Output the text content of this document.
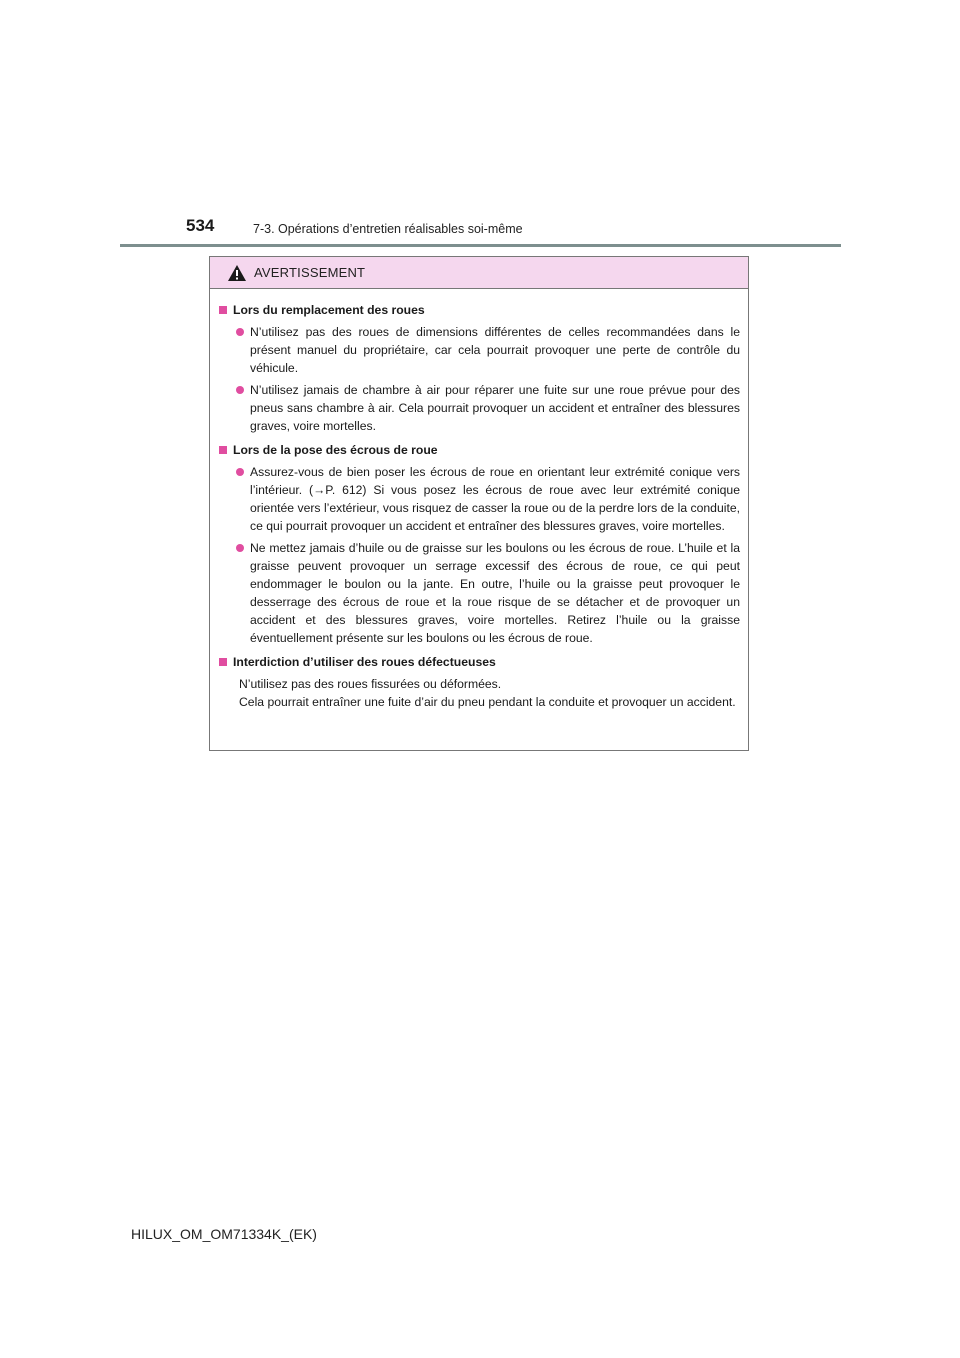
534	7-3. Opérations d’entretien réalisables soi-même
AVERTISSEMENT
Lors du remplacement des roues
N’utilisez pas des roues de dimensions différentes de celles recommandées dans le présent manuel du propriétaire, car cela pourrait provoquer une perte de contrôle du véhicule.
N’utilisez jamais de chambre à air pour réparer une fuite sur une roue prévue pour des pneus sans chambre à air. Cela pourrait provoquer un accident et entraîner des blessures graves, voire mortelles.
Lors de la pose des écrous de roue
Assurez-vous de bien poser les écrous de roue en orientant leur extrémité conique vers l’intérieur. (→P. 612) Si vous posez les écrous de roue avec leur extrémité conique orientée vers l’extérieur, vous risquez de casser la roue ou de la perdre lors de la conduite, ce qui pourrait provoquer un accident et entraîner des blessures graves, voire mortelles.
Ne mettez jamais d’huile ou de graisse sur les boulons ou les écrous de roue. L’huile et la graisse peuvent provoquer un serrage excessif des écrous de roue, ce qui peut endommager le boulon ou la jante. En outre, l’huile ou la graisse peut provoquer le desserrage des écrous de roue et la roue risque de se détacher et de provoquer un accident et des blessures graves, voire mortelles. Retirez l’huile ou la graisse éventuellement présente sur les boulons ou les écrous de roue.
Interdiction d’utiliser des roues défectueuses

N’utilisez pas des roues fissurées ou déformées.

Cela pourrait entraîner une fuite d’air du pneu pendant la conduite et provoquer un accident.

HILUX_OM_OM71334K_(EK)
